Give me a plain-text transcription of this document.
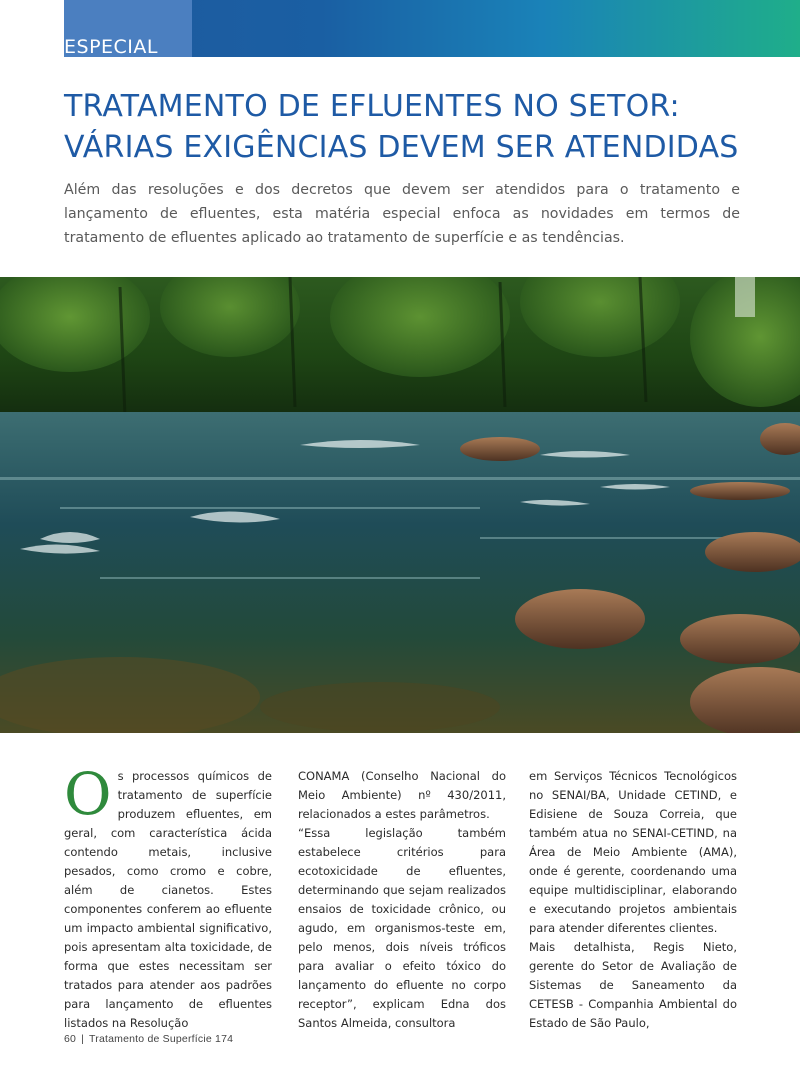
ESPECIAL
TRATAMENTO DE EFLUENTES NO SETOR:
VÁRIAS EXIGÊNCIAS DEVEM SER ATENDIDAS

Além das resoluções e dos decretos que devem ser atendidos para o tratamento e lançamento de efluentes, esta matéria especial enfoca as novidades em termos de tratamento de efluentes aplicado ao tratamento de superfície e as tendências.

O s processos químicos de tratamento de superfície produzem efluentes, em geral, com característica ácida contendo metais, inclusive pesados, como cromo e cobre, além de cianetos. Estes componentes conferem ao efluente um impacto ambiental significativo, pois apresentam alta toxicidade, de forma que estes necessitam ser tratados para atender aos padrões para lançamento de efluentes listados na Resolução

CONAMA (Conselho Nacional do Meio Ambiente) nº 430/2011, relacionados a estes parâmetros.

“Essa legislação também estabelece critérios para ecotoxicidade de efluentes, determinando que sejam realizados ensaios de toxicidade crônico, ou agudo, em organismos-teste em, pelo menos, dois níveis tróficos para avaliar o efeito tóxico do lançamento do efluente no corpo receptor”, explicam Edna dos Santos Almeida, consultora

em Serviços Técnicos Tecnológicos no SENAI/BA, Unidade CETIND, e Edisiene de Souza Correia, que também atua no SENAI-CETIND, na Área de Meio Ambiente (AMA), onde é gerente, coordenando uma equipe multidisciplinar, elaborando e executando projetos ambientais para atender diferentes clientes.

Mais detalhista, Regis Nieto, gerente do Setor de Avaliação de Sistemas de Saneamento da CETESB - Companhia Ambiental do Estado de São Paulo,

60 | Tratamento de Superfície 174
